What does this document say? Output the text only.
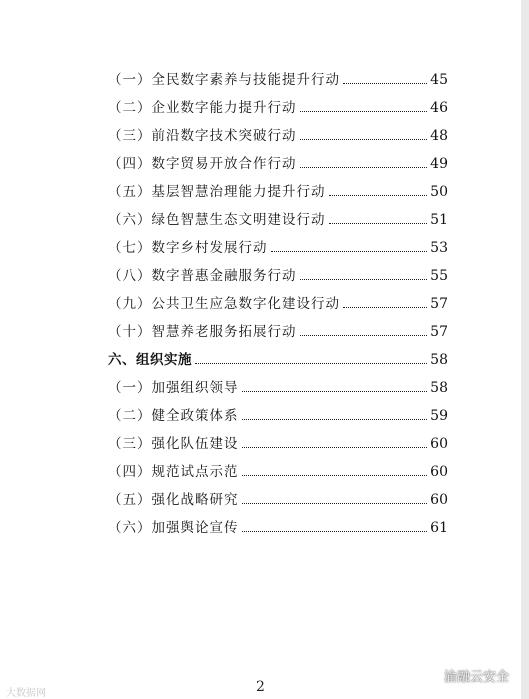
（一）全民数字素养与技能提升行动	45
（二）企业数字能力提升行动	46
（三）前沿数字技术突破行动	48
（四）数字贸易开放合作行动	49
（五）基层智慧治理能力提升行动	50
（六）绿色智慧生态文明建设行动	51
（七）数字乡村发展行动	53
（八）数字普惠金融服务行动	55
（九）公共卫生应急数字化建设行动	57
（十）智慧养老服务拓展行动	57
六、组织实施	58
（一）加强组织领导	58
（二）健全政策体系	59
（三）强化队伍建设	60
（四）规范试点示范	60
（五）强化战略研究	60
（六）加强舆论宣传	61
2
大数据网
渝融云安全
